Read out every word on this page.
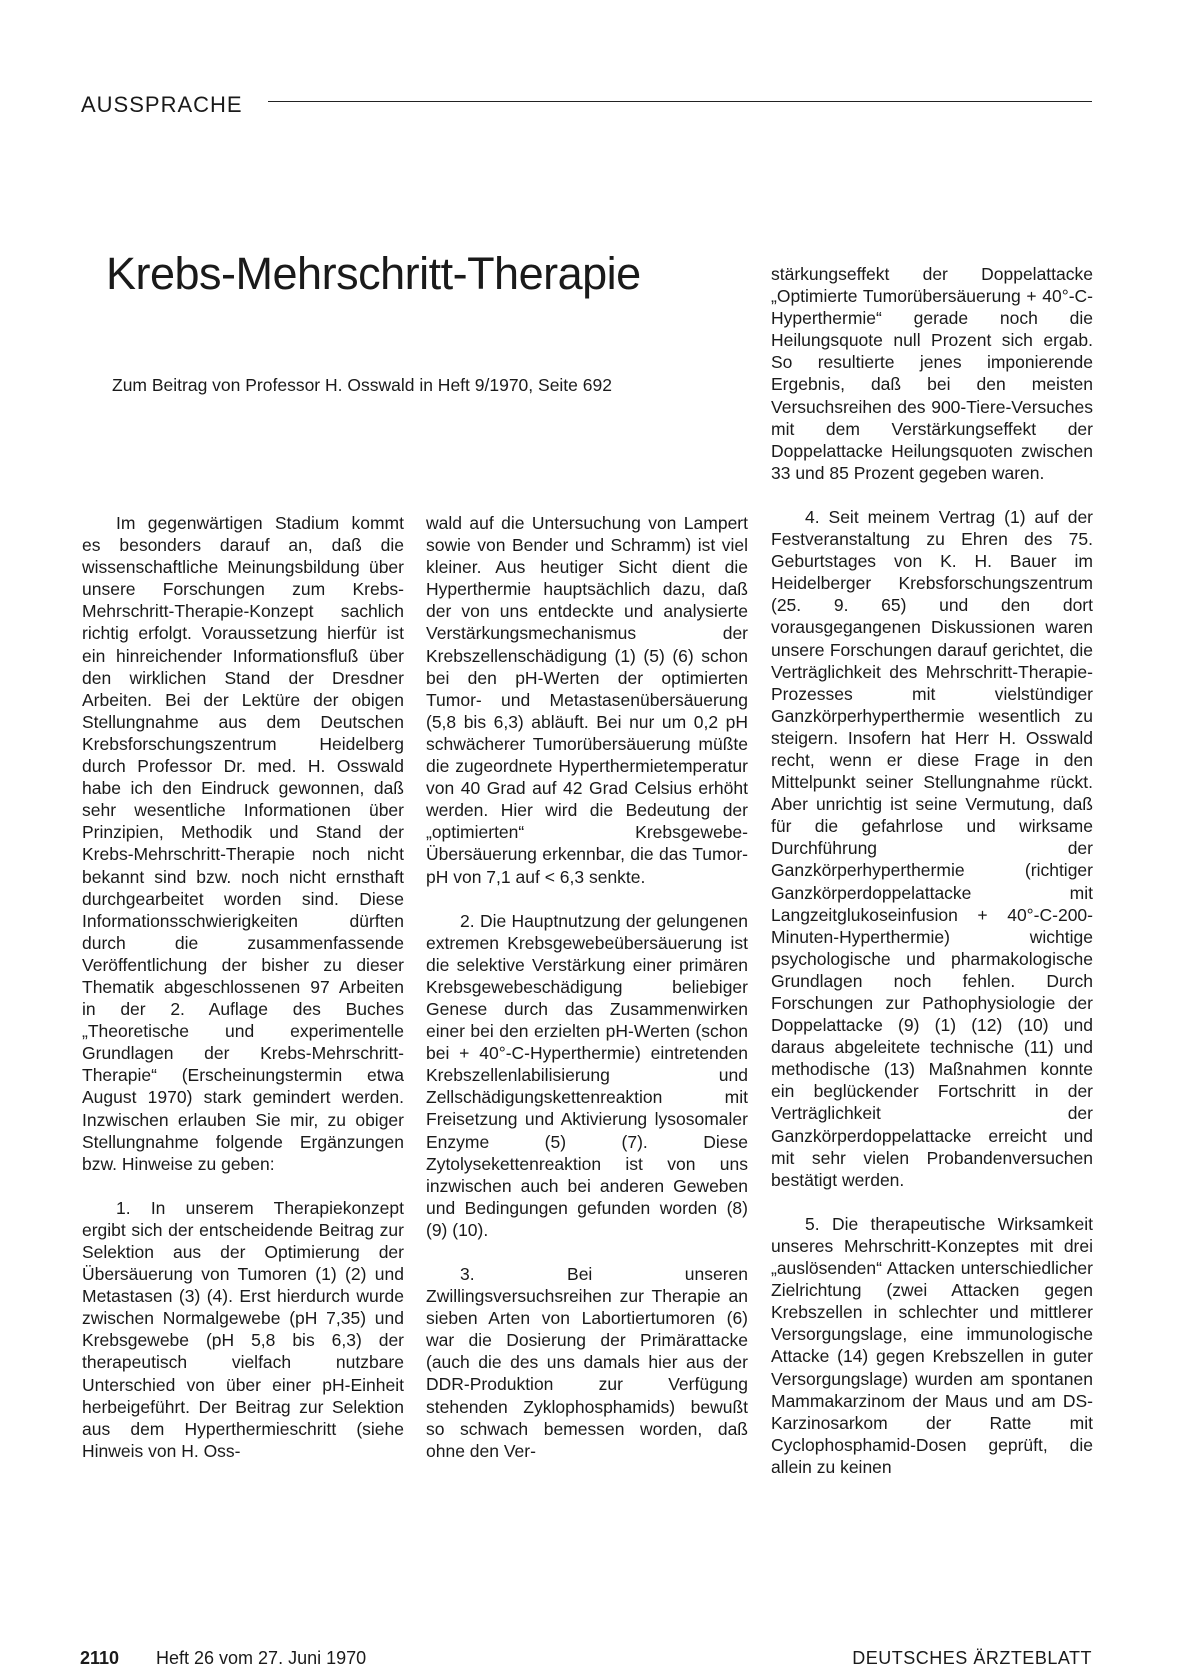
AUSSPRACHE
Krebs-Mehrschritt-Therapie
Zum Beitrag von Professor H. Osswald in Heft 9/1970, Seite 692

Im gegenwärtigen Stadium kommt es besonders darauf an, daß die wissenschaftliche Meinungsbildung über unsere Forschungen zum Krebs-Mehrschritt-Therapie-Konzept sachlich richtig erfolgt. Voraussetzung hierfür ist ein hinreichender Informationsfluß über den wirklichen Stand der Dresdner Arbeiten. Bei der Lektüre der obigen Stellungnahme aus dem Deutschen Krebsforschungszentrum Heidelberg durch Professor Dr. med. H. Osswald habe ich den Eindruck gewonnen, daß sehr wesentliche Informationen über Prinzipien, Methodik und Stand der Krebs-Mehrschritt-Therapie noch nicht bekannt sind bzw. noch nicht ernsthaft durchgearbeitet worden sind. Diese Informationsschwierigkeiten dürften durch die zusammenfassende Veröffentlichung der bisher zu dieser Thematik abgeschlossenen 97 Arbeiten in der 2. Auflage des Buches „Theoretische und experimentelle Grundlagen der Krebs-Mehrschritt-Therapie“ (Erscheinungstermin etwa August 1970) stark gemindert werden. Inzwischen erlauben Sie mir, zu obiger Stellungnahme folgende Ergänzungen bzw. Hinweise zu geben:

1. In unserem Therapiekonzept ergibt sich der entscheidende Beitrag zur Selektion aus der Optimierung der Übersäuerung von Tumoren (1) (2) und Metastasen (3) (4). Erst hierdurch wurde zwischen Normalgewebe (pH 7,35) und Krebsgewebe (pH 5,8 bis 6,3) der therapeutisch vielfach nutzbare Unterschied von über einer pH-Einheit herbeigeführt. Der Beitrag zur Selektion aus dem Hyperthermieschritt (siehe Hinweis von H. Oss-

wald auf die Untersuchung von Lampert sowie von Bender und Schramm) ist viel kleiner. Aus heutiger Sicht dient die Hyperthermie hauptsächlich dazu, daß der von uns entdeckte und analysierte Verstärkungsmechanismus der Krebszellenschädigung (1) (5) (6) schon bei den pH-Werten der optimierten Tumor- und Metastasenübersäuerung (5,8 bis 6,3) abläuft. Bei nur um 0,2 pH schwächerer Tumorübersäuerung müßte die zugeordnete Hyperthermietemperatur von 40 Grad auf 42 Grad Celsius erhöht werden. Hier wird die Bedeutung der „optimierten“ Krebsgewebe-Übersäuerung erkennbar, die das Tumor-pH von 7,1 auf < 6,3 senkte.

2. Die Hauptnutzung der gelungenen extremen Krebsgewebeübersäuerung ist die selektive Verstärkung einer primären Krebsgewebeschädigung beliebiger Genese durch das Zusammenwirken einer bei den erzielten pH-Werten (schon bei + 40°-C-Hyperthermie) eintretenden Krebszellenlabilisierung und Zellschädigungskettenreaktion mit Freisetzung und Aktivierung lysosomaler Enzyme (5) (7). Diese Zytolysekettenreaktion ist von uns inzwischen auch bei anderen Geweben und Bedingungen gefunden worden (8) (9) (10).

3. Bei unseren Zwillingsversuchsreihen zur Therapie an sieben Arten von Labortiertumoren (6) war die Dosierung der Primärattacke (auch die des uns damals hier aus der DDR-Produktion zur Verfügung stehenden Zyklophosphamids) bewußt so schwach bemessen worden, daß ohne den Ver-

stärkungseffekt der Doppelattacke „Optimierte Tumorübersäuerung + 40°-C-Hyperthermie“ gerade noch die Heilungsquote null Prozent sich ergab. So resultierte jenes imponierende Ergebnis, daß bei den meisten Versuchsreihen des 900-Tiere-Versuches mit dem Verstärkungseffekt der Doppelattacke Heilungsquoten zwischen 33 und 85 Prozent gegeben waren.

4. Seit meinem Vertrag (1) auf der Festveranstaltung zu Ehren des 75. Geburtstages von K. H. Bauer im Heidelberger Krebsforschungszentrum (25. 9. 65) und den dort vorausgegangenen Diskussionen waren unsere Forschungen darauf gerichtet, die Verträglichkeit des Mehrschritt-Therapie-Prozesses mit vielstündiger Ganzkörperhyperthermie wesentlich zu steigern. Insofern hat Herr H. Osswald recht, wenn er diese Frage in den Mittelpunkt seiner Stellungnahme rückt. Aber unrichtig ist seine Vermutung, daß für die gefahrlose und wirksame Durchführung der Ganzkörperhyperthermie (richtiger Ganzkörperdoppelattacke mit Langzeitglukoseinfusion + 40°-C-200-Minuten-Hyperthermie) wichtige psychologische und pharmakologische Grundlagen noch fehlen. Durch Forschungen zur Pathophysiologie der Doppelattacke (9) (1) (12) (10) und daraus abgeleitete technische (11) und methodische (13) Maßnahmen konnte ein beglückender Fortschritt in der Verträglichkeit der Ganzkörperdoppelattacke erreicht und mit sehr vielen Probandenversuchen bestätigt werden.

5. Die therapeutische Wirksamkeit unseres Mehrschritt-Konzeptes mit drei „auslösenden“ Attacken unterschiedlicher Zielrichtung (zwei Attacken gegen Krebszellen in schlechter und mittlerer Versorgungslage, eine immunologische Attacke (14) gegen Krebszellen in guter Versorgungslage) wurden am spontanen Mammakarzinom der Maus und am DS-Karzinosarkom der Ratte mit Cyclophosphamid-Dosen geprüft, die allein zu keinen

2110 Heft 26 vom 27. Juni 1970	DEUTSCHES ÄRZTEBLATT
